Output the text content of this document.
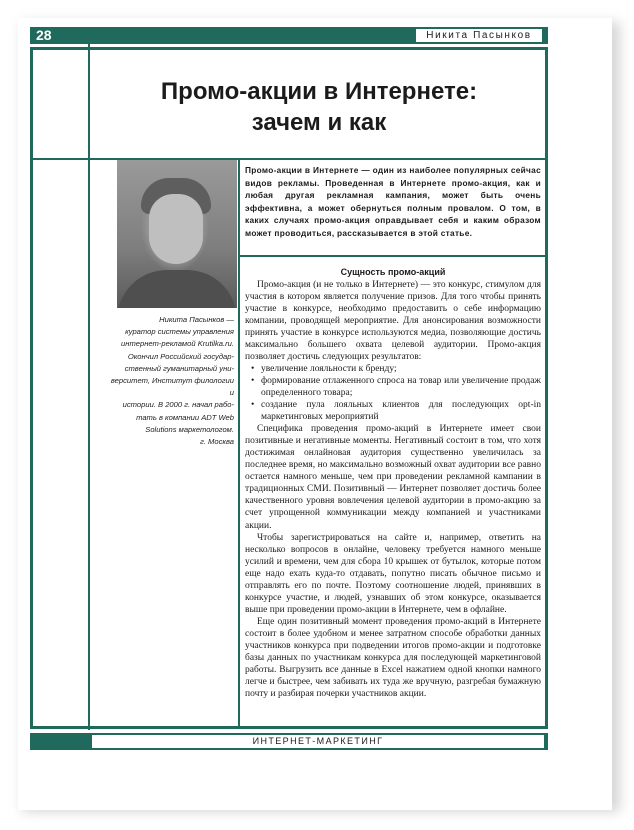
28	Никита Пасынков
Промо-акции в Интернете:
зачем и как
Никита Пасынков —
куратор системы управления
интернет-рекламой Krutilka.ru.
Окончил Российский государ-
ственный гуманитарный уни-
верситет, Институт филологии и
истории. В 2000 г. начал рабо-
тать в компании ADT Web
Solutions маркетологом.
г. Москва
Промо-акции в Интернете — один из наиболее популярных сейчас видов рекламы. Проведенная в Интернете промо-акция, как и любая другая рекламная кампания, может быть очень эффективна, а может обернуться полным провалом. О том, в каких случаях промо-акция оправдывает себя и каким образом может проводиться, рассказывается в этой статье.
Сущность промо-акций

Промо-акция (и не только в Интернете) — это конкурс, стимулом для участия в котором является получение призов. Для того чтобы принять участие в конкурсе, необходимо предоставить о себе информацию компании, проводящей мероприятие. Для анонсирования возможности принять участие в конкурсе используются медиа, позволяющие достичь максимально большего охвата целевой аудитории. Промо-акция позволяет достичь следующих результатов:

• увеличение лояльности к бренду;
• формирование отлаженного спроса на товар или увеличение продаж определенного товара;
• создание пула лояльных клиентов для последующих opt-in маркетинговых мероприятий

Специфика проведения промо-акций в Интернете имеет свои позитивные и негативные моменты. Негативный состоит в том, что хотя достижимая онлайновая аудитория существенно увеличилась за последнее время, но максимально возможный охват аудитории все равно остается намного меньше, чем при проведении рекламной кампании в традиционных СМИ. Позитивный — Интернет позволяет достичь более качественного уровня вовлечения целевой аудитории в промо-акцию за счет упрощенной коммуникации между компанией и участниками акции.

Чтобы зарегистрироваться на сайте и, например, ответить на несколько вопросов в онлайне, человеку требуется намного меньше усилий и времени, чем для сбора 10 крышек от бутылок, которые потом еще надо ехать куда-то отдавать, попутно писать обычное письмо и отправлять его по почте. Поэтому соотношение людей, принявших в конкурсе участие, и людей, узнавших об этом конкурсе, оказывается выше при проведении промо-акции в Интернете, чем в офлайне.

Еще один позитивный момент проведения промо-акций в Интернете состоит в более удобном и менее затратном способе обработки данных участников конкурса при подведении итогов промо-акции и подготовке базы данных по участникам конкурса для последующей маркетинговой работы. Выгрузить все данные в Excel нажатием одной кнопки намного легче и быстрее, чем забивать их туда же вручную, разгребая бумажную почту и разбирая почерки участников акции.

ИНТЕРНЕТ-МАРКЕТИНГ
